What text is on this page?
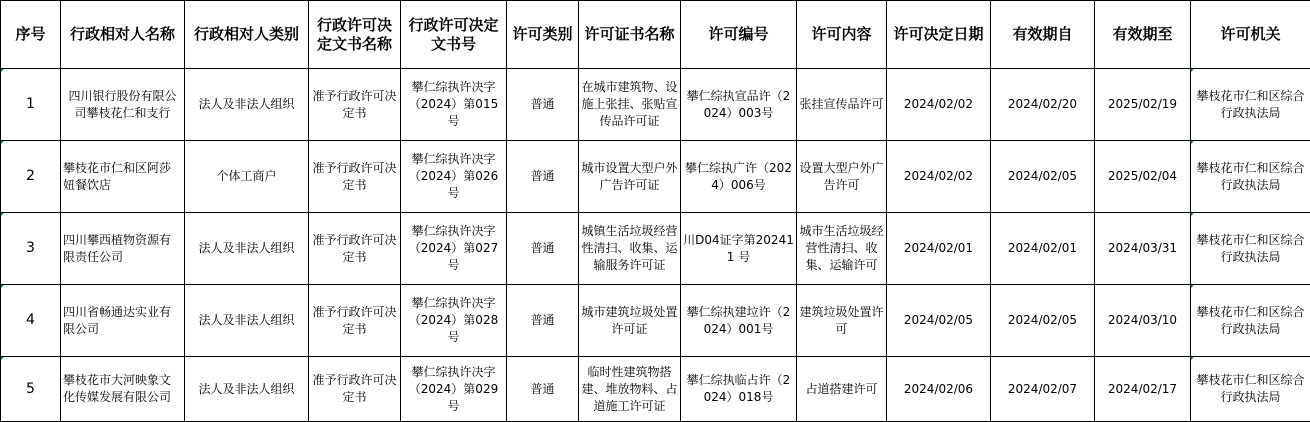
序号	行政相对人名称	行政相对人类别	行政许可决定文书名称	行政许可决定文书号	许可类别	许可证书名称	许可编号	许可内容	许可决定日期	有效期自	有效期至	许可机关
1	四川银行股份有限公司攀枝花仁和支行	法人及非法人组织	准予行政许可决定书	攀仁综执许决字（2024）第015号	普通	在城市建筑物、设施上张挂、张贴宣传品许可证	攀仁综执宣品许（2024）003号	张挂宣传品许可	2024/02/02	2024/02/20	2025/02/19	攀枝花市仁和区综合行政执法局
2	攀枝花市仁和区阿莎妞餐饮店	个体工商户	准予行政许可决定书	攀仁综执许决字（2024）第026号	普通	城市设置大型户外广告许可证	攀仁综执广许（2024）006号	设置大型户外广告许可	2024/02/02	2024/02/05	2025/02/04	攀枝花市仁和区综合行政执法局
3	四川攀西植物资源有限责任公司	法人及非法人组织	准予行政许可决定书	攀仁综执许决字（2024）第027号	普通	城镇生活垃圾经营性清扫、收集、运输服务许可证	川D04证字第20241 1 号	城市生活垃圾经营性清扫、收集、运输许可	2024/02/01	2024/02/01	2024/03/31	攀枝花市仁和区综合行政执法局
4	四川省畅通达实业有限公司	法人及非法人组织	准予行政许可决定书	攀仁综执许决字（2024）第028号	普通	城市建筑垃圾处置许可证	攀仁综执建垃许（2024）001号	建筑垃圾处置许可	2024/02/05	2024/02/05	2024/03/10	攀枝花市仁和区综合行政执法局
5	攀枝花市大河映象文化传媒发展有限公司	法人及非法人组织	准予行政许可决定书	攀仁综执许决字（2024）第029号	普通	临时性建筑物搭建、堆放物料、占道施工许可证	攀仁综执临占许（2024）018号	占道搭建许可	2024/02/06	2024/02/07	2024/02/17	攀枝花市仁和区综合行政执法局
